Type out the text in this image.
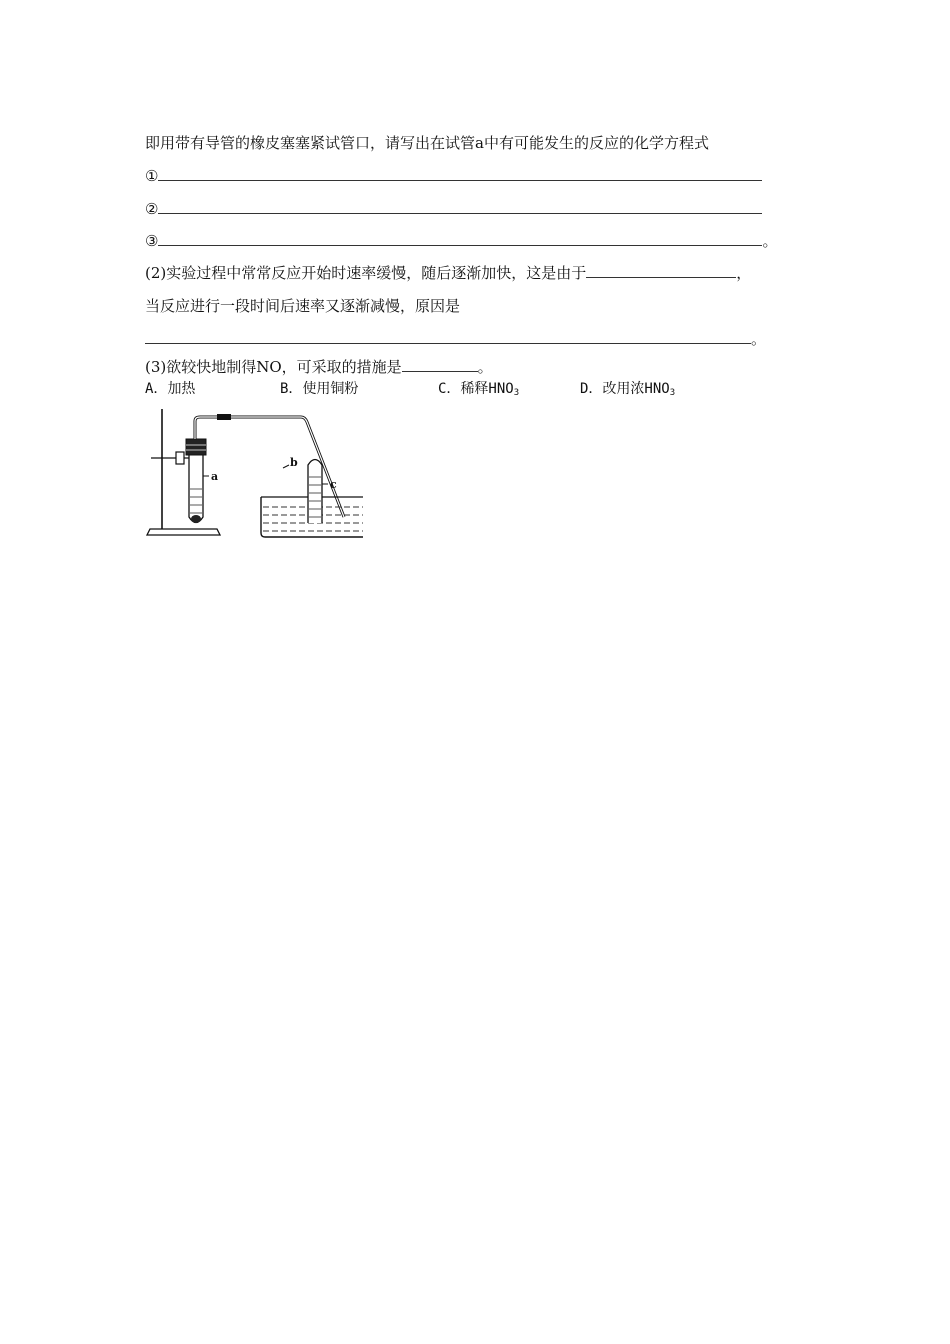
即用带有导管的橡皮塞塞紧试管口，请写出在试管a中有可能发生的反应的化学方程式
①
②
③	。
(2)实验过程中常常反应开始时速率缓慢，随后逐渐加快，这是由于	，
当反应进行一段时间后速率又逐渐减慢，原因是
。
(3)欲较快地制得NO，可采取的措施是	。
A．加热	B．使用铜粉	C．稀释$HNO_3$	D．改用浓$HNO_3$
a
b
c
